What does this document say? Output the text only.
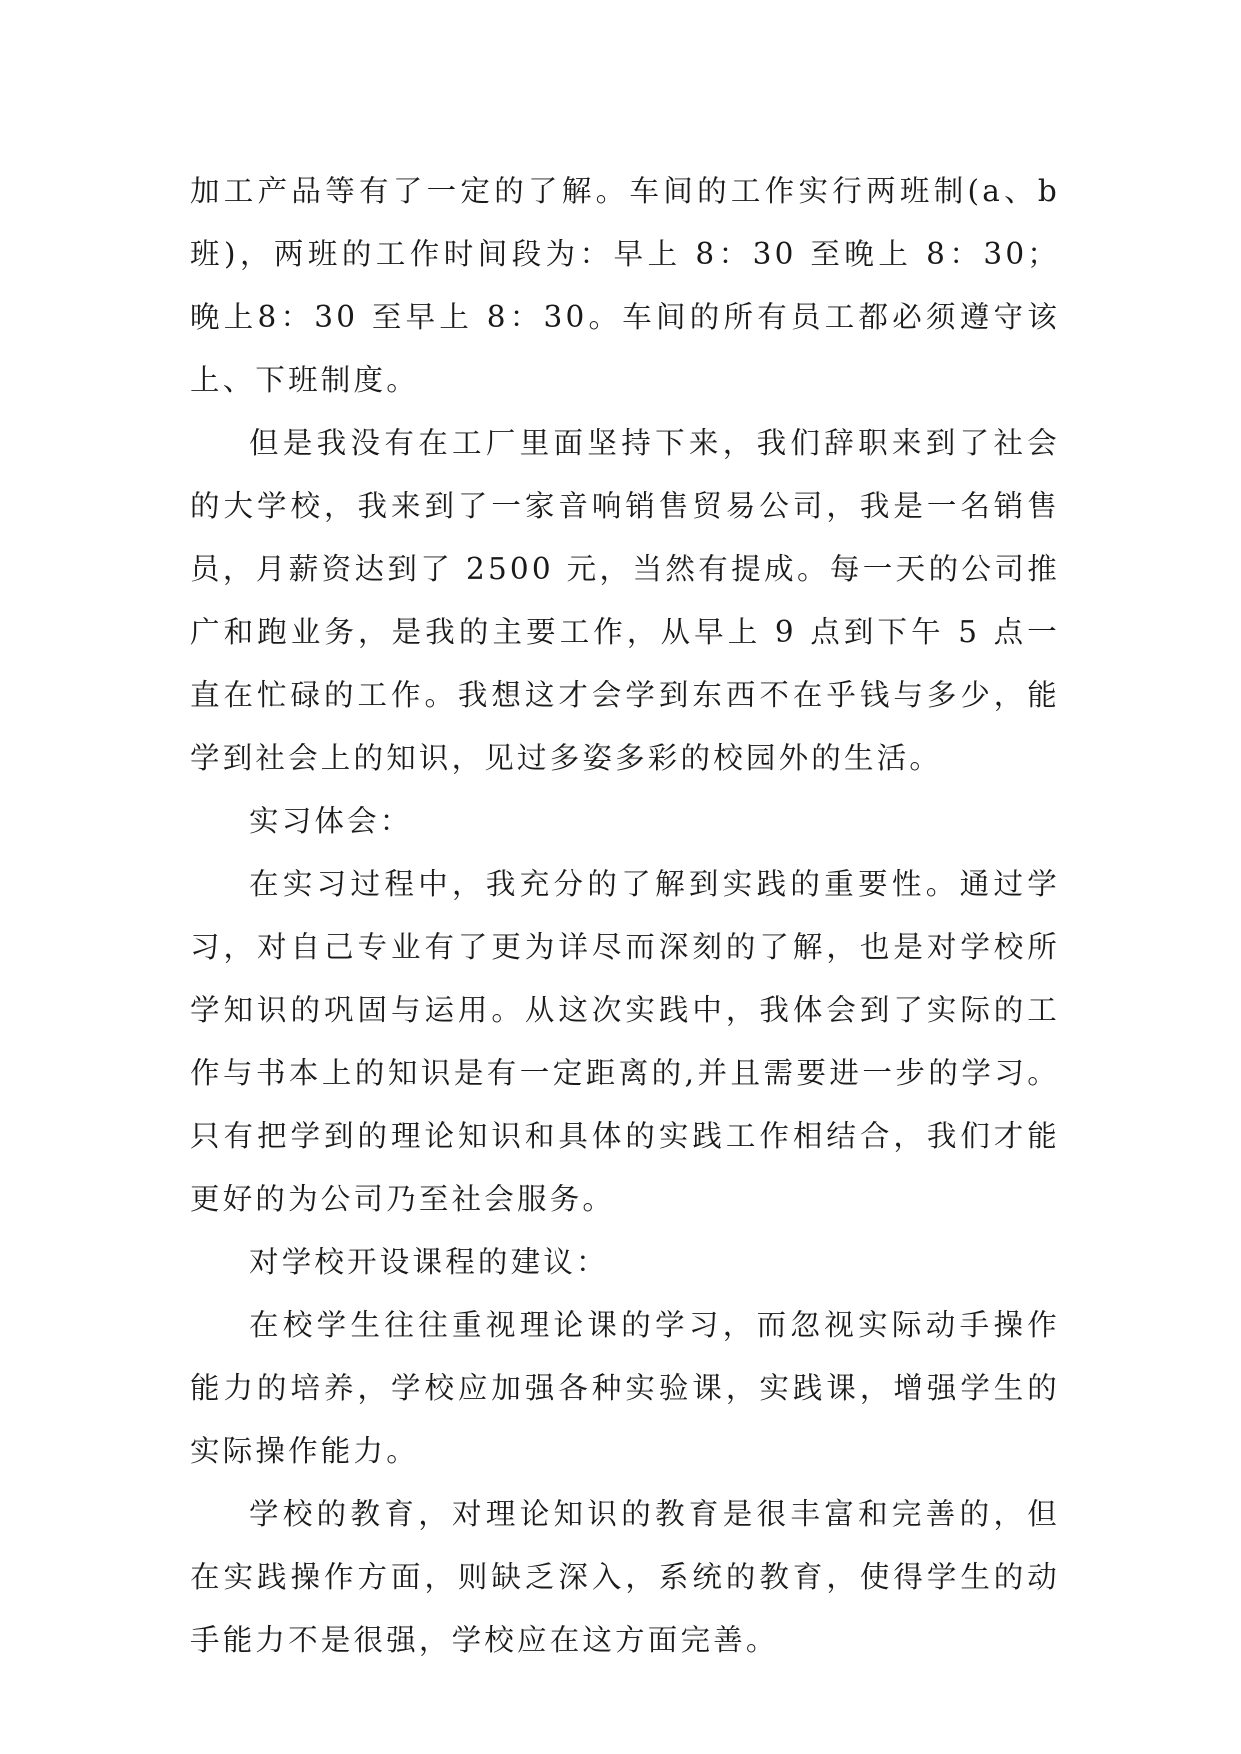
加工产品等有了一定的了解。车间的工作实行两班制(a、b班)，两班的工作时间段为：早上 8：30 至晚上 8：30；晚上8：30 至早上 8：30。车间的所有员工都必须遵守该上、下班制度。

但是我没有在工厂里面坚持下来，我们辞职来到了社会的大学校，我来到了一家音响销售贸易公司，我是一名销售员，月薪资达到了 2500 元，当然有提成。每一天的公司推广和跑业务，是我的主要工作，从早上 9 点到下午 5 点一直在忙碌的工作。我想这才会学到东西不在乎钱与多少，能学到社会上的知识，见过多姿多彩的校园外的生活。

实习体会：

在实习过程中，我充分的了解到实践的重要性。通过学习，对自己专业有了更为详尽而深刻的了解，也是对学校所学知识的巩固与运用。从这次实践中，我体会到了实际的工作与书本上的知识是有一定距离的,并且需要进一步的学习。只有把学到的理论知识和具体的实践工作相结合，我们才能更好的为公司乃至社会服务。

对学校开设课程的建议：

在校学生往往重视理论课的学习，而忽视实际动手操作能力的培养，学校应加强各种实验课，实践课，增强学生的实际操作能力。

学校的教育，对理论知识的教育是很丰富和完善的，但在实践操作方面，则缺乏深入，系统的教育，使得学生的动手能力不是很强，学校应在这方面完善。
